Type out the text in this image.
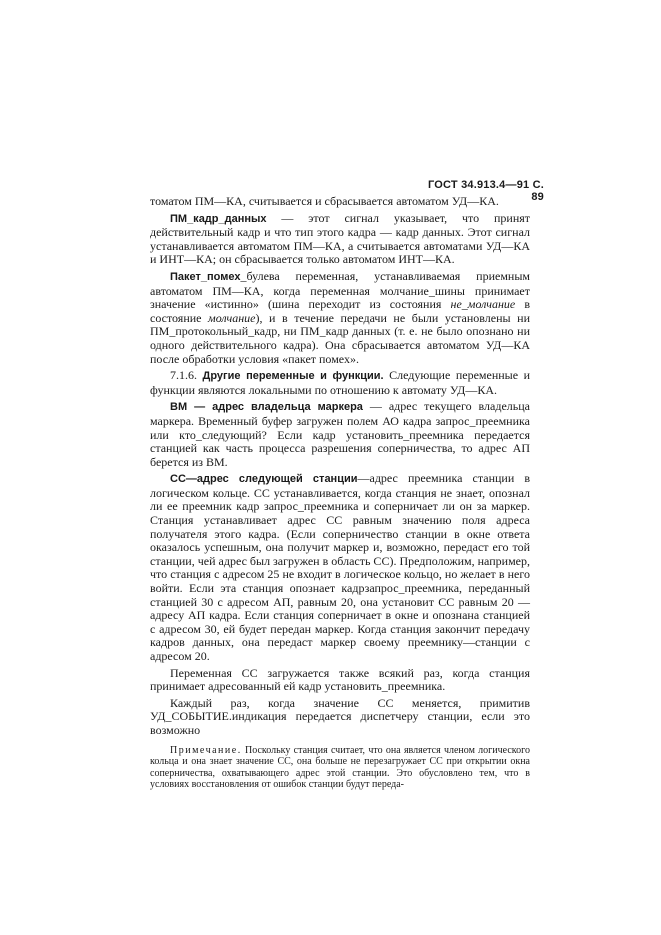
ГОСТ 34.913.4—91 С. 89

томатом ПМ—КА, считывается и сбрасывается автоматом УД—КА.

ПМ_кадр_данных — этот сигнал указывает, что принят действительный кадр и что тип этого кадра — кадр данных. Этот сигнал устанавливается автоматом ПМ—КА, а считывается автоматами УД—КА и ИНТ—КА; он сбрасывается только автоматом ИНТ—КА.

Пакет_помех_булева переменная, устанавливаемая приемным автоматом ПМ—КА, когда переменная молчание_шины принимает значение «истинно» (шина переходит из состояния не_молчание в состояние молчание), и в течение передачи не были установлены ни ПМ_протокольный_кадр, ни ПМ_кадр данных (т. е. не было опознано ни одного действительного кадра). Она сбрасывается автоматом УД—КА после обработки условия «пакет помех».

7.1.6. Другие переменные и функции. Следующие переменные и функции являются локальными по отношению к автомату УД—КА.

ВМ — адрес владельца маркера — адрес текущего владельца маркера. Временный буфер загружен полем АО кадра запрос_преемника или кто_следующий? Если кадр установить_преемника передается станцией как часть процесса разрешения соперничества, то адрес АП берется из ВМ.

СС—адрес следующей станции—адрес преемника станции в логическом кольце. СС устанавливается, когда станция не знает, опознал ли ее преемник кадр запрос_преемника и соперничает ли он за маркер. Станция устанавливает адрес СС равным значению поля адреса получателя этого кадра. (Если соперничество станции в окне ответа оказалось успешным, она получит маркер и, возможно, передаст его той станции, чей адрес был загружен в область СС). Предположим, например, что станция с адресом 25 не входит в логическое кольцо, но желает в него войти. Если эта станция опознает кадрзапрос_преемника, переданный станцией 30 с адресом АП, равным 20, она установит СС равным 20 — адресу АП кадра. Если станция соперничает в окне и опознана станцией с адресом 30, ей будет передан маркер. Когда станция закончит передачу кадров данных, она передаст маркер своему преемнику—станции с адресом 20.

Переменная СС загружается также всякий раз, когда станция принимает адресованный ей кадр установить_преемника.

Каждый раз, когда значение СС меняется, примитив УД_СОБЫТИЕ.индикация передается диспетчеру станции, если это возможно

Примечание. Поскольку станция считает, что она является членом логического кольца и она знает значение СС, она больше не перезагружает СС при открытии окна соперничества, охватывающего адрес этой станции. Это обусловлено тем, что в условиях восстановления от ошибок станции будут переда-
